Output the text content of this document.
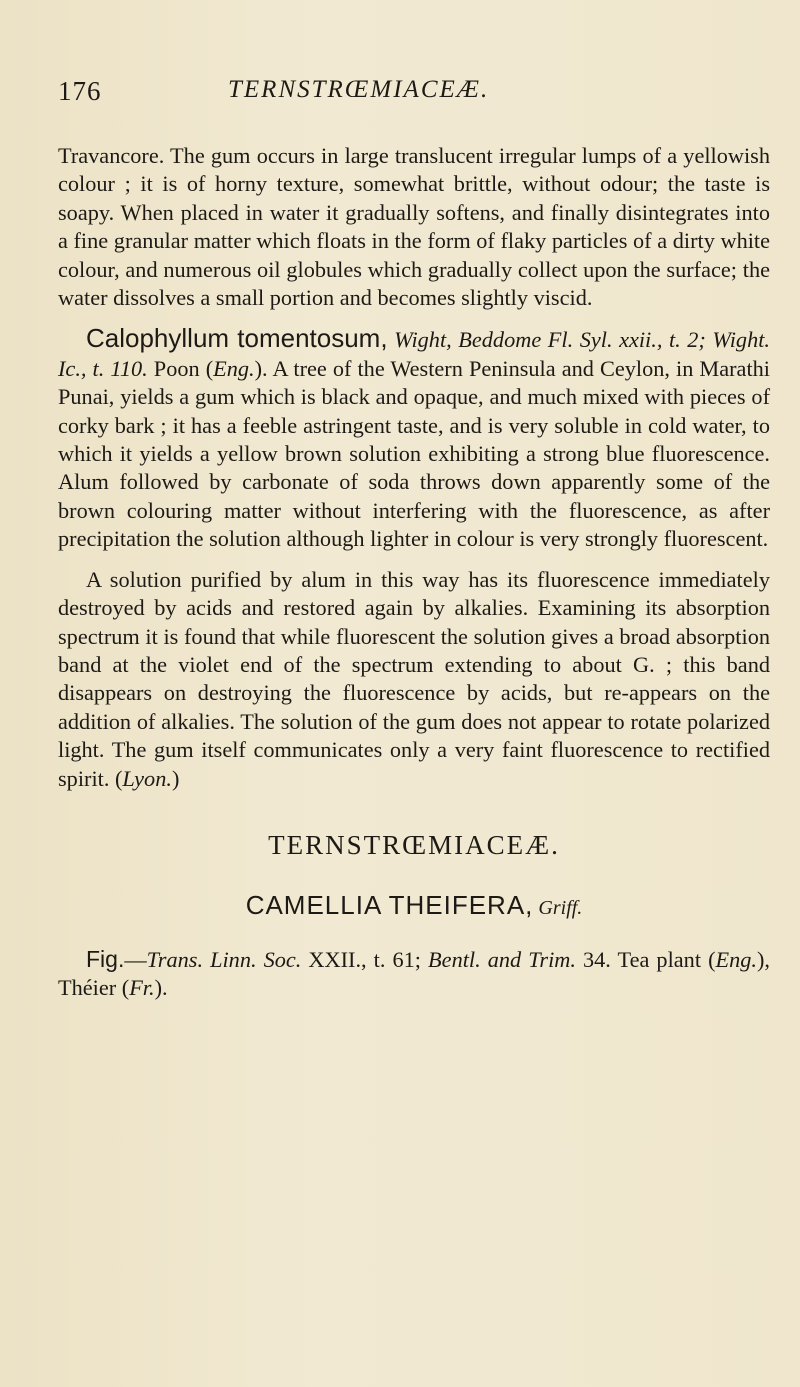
176	TERNSTRŒMIACEÆ.

Travancore. The gum occurs in large translucent irregular lumps of a yellowish colour ; it is of horny texture, somewhat brittle, without odour; the taste is soapy. When placed in water it gradually softens, and finally disintegrates into a fine granular matter which floats in the form of flaky particles of a dirty white colour, and numerous oil globules which gradually collect upon the surface; the water dissolves a small portion and becomes slightly viscid.

Calophyllum tomentosum, Wight, Beddome Fl. Syl. xxii., t. 2; Wight. Ic., t. 110. Poon (Eng.). A tree of the Western Peninsula and Ceylon, in Marathi Punai, yields a gum which is black and opaque, and much mixed with pieces of corky bark ; it has a feeble astringent taste, and is very soluble in cold water, to which it yields a yellow brown solution exhibiting a strong blue fluorescence. Alum followed by carbonate of soda throws down apparently some of the brown colouring matter without interfering with the fluorescence, as after precipitation the solution although lighter in colour is very strongly fluorescent.

A solution purified by alum in this way has its fluorescence immediately destroyed by acids and restored again by alkalies. Examining its absorption spectrum it is found that while fluorescent the solution gives a broad absorption band at the violet end of the spectrum extending to about G. ; this band disappears on destroying the fluorescence by acids, but re-appears on the addition of alkalies. The solution of the gum does not appear to rotate polarized light. The gum itself communicates only a very faint fluorescence to rectified spirit. (Lyon.)

TERNSTRŒMIACEÆ.
CAMELLIA THEIFERA, Griff.

Fig.—Trans. Linn. Soc. XXII., t. 61; Bentl. and Trim. 34. Tea plant (Eng.), Théier (Fr.).
